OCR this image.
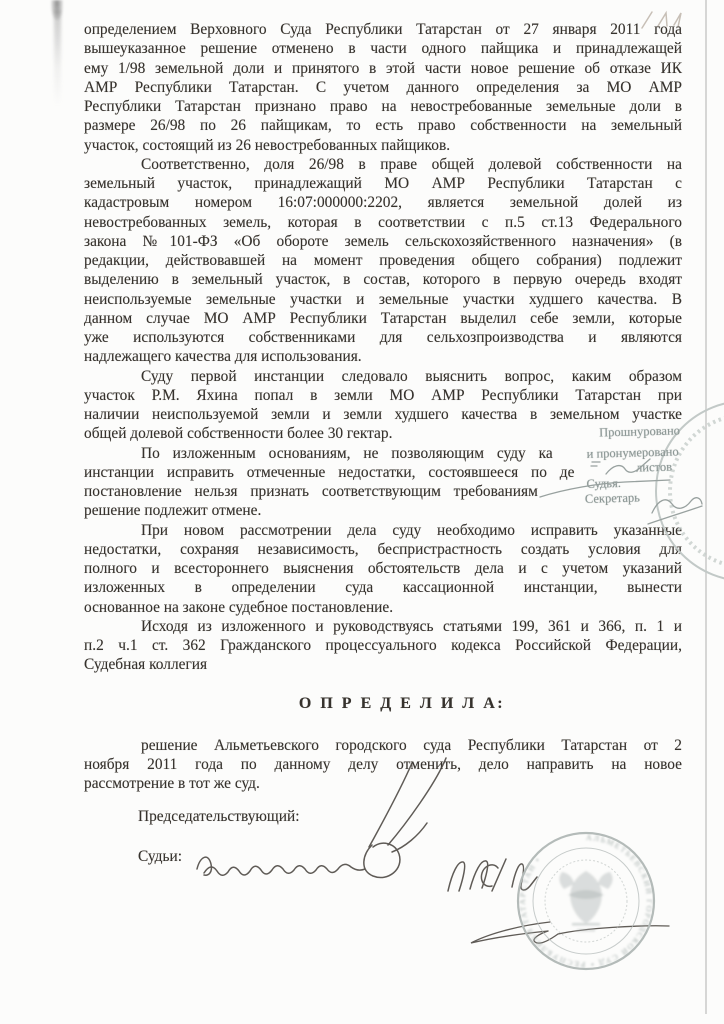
определением Верховного Суда Республики Татарстан от 27 января 2011 года
вышеуказанное решение отменено в части одного пайщика и принадлежащей
ему 1/98 земельной доли и принятого в этой части новое решение об отказе ИК
АМР Республики Татарстан. С учетом данного определения за МО АМР
Республики Татарстан признано право на невостребованные земельные доли в
размере 26/98 по 26 пайщикам, то есть право собственности на земельный
участок, состоящий из 26 невостребованных пайщиков.
Соответственно, доля 26/98 в праве общей долевой собственности на
земельный участок, принадлежащий МО АМР Республики Татарстан с
кадастровым номером 16:07:000000:2202, является земельной долей из
невостребованных земель, которая в соответствии с п.5 ст.13 Федерального
закона №101-ФЗ «Об обороте земель сельскохозяйственного назначения» (в
редакции, действовавшей на момент проведения общего собрания) подлежит
выделению в земельный участок, в состав, которого в первую очередь входят
неиспользуемые земельные участки и земельные участки худшего качества. В
данном случае МО АМР Республики Татарстан выделил себе земли, которые
уже используются собственниками для сельхозпроизводства и являются
надлежащего качества для использования.
Суду первой инстанции следовало выяснить вопрос, каким образом
участок Р.М. Яхина попал в земли МО АМР Республики Татарстан при
наличии неиспользуемой земли и земли худшего качества в земельном участке
общей долевой собственности более 30 гектар.
По изложенным основаниям, не позволяющим суду ка
инстанции исправить отмеченные недостатки, состоявшееся по де
постановление нельзя признать соответствующим требованиям
решение подлежит отмене.
При новом рассмотрении дела суду необходимо исправить указанные
недостатки, сохраняя независимость, беспристрастность создать условия для
полного и всестороннего выяснения обстоятельств дела и с учетом указаний
изложенных в определении суда кассационной инстанции, вынести
основанное на законе судебное постановление.
Исходя из изложенного и руководствуясь статьями 199, 361 и 366, п. 1 и
п.2 ч.1 ст. 362 Гражданского процессуального кодекса Российской Федерации,
Судебная коллегия
О П Р Е Д Е Л И Л А:
решение Альметьевского городского суда Республики Татарстан от 2
ноября 2011 года по данному делу отменить, дело направить на новое
рассмотрение в тот же суд.
Председательствующий:
Судьи:
Прошнуровано
и пронумеровано
листов
Судья.
Секретарь
АЛЬМЕТЬЕВСКИЙ ГОРОДСКОЙ СУД • РЕСПУБЛИКИ ТАТАРСТАН •
